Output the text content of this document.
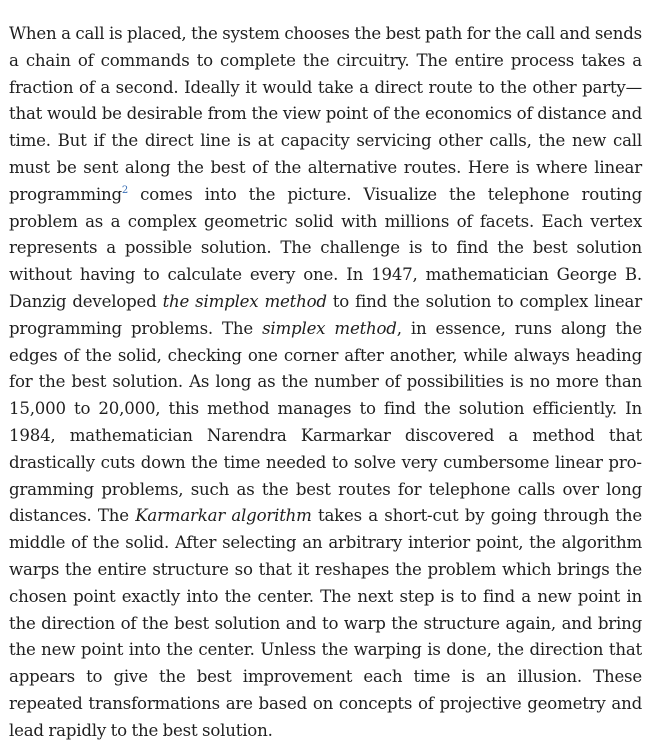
When a call is placed, the system chooses the best path for the call and sends a chain of commands to complete the circuitry. The entire process takes a fraction of a second. Ideally it would take a direct route to the other party—that would be desirable from the view point of the economics of distance and time. But if the direct line is at capacity servicing other calls, the new call must be sent along the best of the alternative routes. Here is where linear programming$^2$ comes into the picture. Visualize the telephone routing problem as a complex geometric solid with millions of facets. Each vertex represents a possible solution. The challenge is to find the best solution without having to calculate every one. In 1947, mathematician George B. Danzig developed the simplex method to find the solution to complex linear programming problems. The simplex method, in essence, runs along the edges of the solid, checking one corner after another, while always heading for the best solution. As long as the number of possibilities is no more than 15,000 to 20,000, this method manages to find the solution efficiently. In 1984, mathematician Narendra Karmarkar discovered a method that drastically cuts down the time needed to solve very cumbersome linear programming problems, such as the best routes for telephone calls over long distances. The Karmarkar algorithm takes a short-cut by going through the middle of the solid. After selecting an arbitrary interior point, the algorithm warps the entire structure so that it reshapes the problem which brings the chosen point exactly into the center. The next step is to find a new point in the direction of the best solution and to warp the structure again, and bring the new point into the center. Unless the warping is done, the direction that appears to give the best improvement each time is an illusion. These repeated transformations are based on concepts of projective geometry and lead rapidly to the best solution.
